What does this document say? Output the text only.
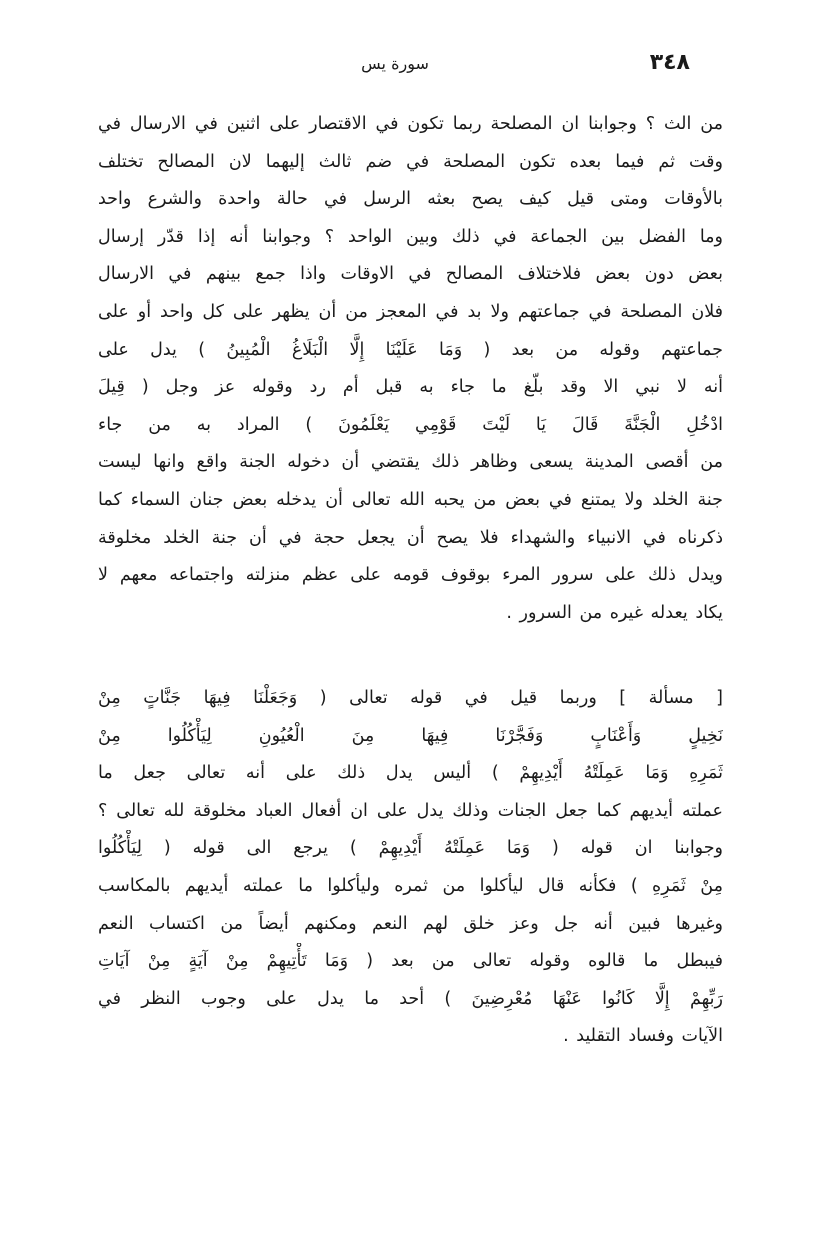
٣٤٨
سورة يس
من الث ؟ وجوابنا ان المصلحة ربما تكون في الاقتصار على اثنين في الارسال في
وقت ثم فيما بعده تكون المصلحة في ضم ثالث إليهما لان المصالح تختلف
بالأوقات ومتى قيل كيف يصح بعثه الرسل في حالة واحدة والشرع واحد
وما الفضل بين الجماعة في ذلك وبين الواحد ؟ وجوابنا أنه إذا قدّر إرسال
بعض دون بعض فلاختلاف المصالح في الاوقات واذا جمع بينهم في الارسال
فلان المصلحة في جماعتهم ولا بد في المعجز من أن يظهر على كل واحد أو على
جماعتهم وقوله من بعد ( وَمَا عَلَيْنَا إِلَّا الْبَلَاغُ الْمُبِينُ ) يدل على
أنه لا نبي الا وقد بلّغ ما جاء به قبل أم رد وقوله عز وجل ( قِيلَ
ادْخُلِ الْجَنَّةَ قَالَ يَا لَيْتَ قَوْمِي يَعْلَمُونَ ) المراد به من جاء
من أقصى المدينة يسعى وظاهر ذلك يقتضي أن دخوله الجنة واقع وانها ليست
جنة الخلد ولا يمتنع في بعض من يحبه الله تعالى أن يدخله بعض جنان السماء كما
ذكرناه في الانبياء والشهداء فلا يصح أن يجعل حجة في أن جنة الخلد مخلوقة
ويدل ذلك على سرور المرء بوقوف قومه على عظم منزلته واجتماعه معهم لا
يكاد يعدله غيره من السرور .
[ مسألة ] وربما قيل في قوله تعالى ( وَجَعَلْنَا فِيهَا جَنَّاتٍ مِنْ
نَخِيلٍ وَأَعْنَابٍ وَفَجَّرْنَا فِيهَا مِنَ الْعُيُونِ لِيَأْكُلُوا مِنْ
ثَمَرِهِ وَمَا عَمِلَتْهُ أَيْدِيهِمْ ) أليس يدل ذلك على أنه تعالى جعل ما
عملته أيديهم كما جعل الجنات وذلك يدل على ان أفعال العباد مخلوقة لله تعالى ؟
وجوابنا ان قوله ( وَمَا عَمِلَتْهُ أَيْدِيهِمْ ) يرجع الى قوله ( لِيَأْكُلُوا
مِنْ ثَمَرِهِ ) فكأنه قال ليأكلوا من ثمره وليأكلوا ما عملته أيديهم بالمكاسب
وغيرها فبين أنه جل وعز خلق لهم النعم ومكنهم أيضاً من اكتساب النعم
فيبطل ما قالوه وقوله تعالى من بعد ( وَمَا تَأْتِيهِمْ مِنْ آيَةٍ مِنْ آيَاتِ
رَبِّهِمْ إِلَّا كَانُوا عَنْهَا مُعْرِضِينَ ) أحد ما يدل على وجوب النظر في
الآيات وفساد التقليد .
